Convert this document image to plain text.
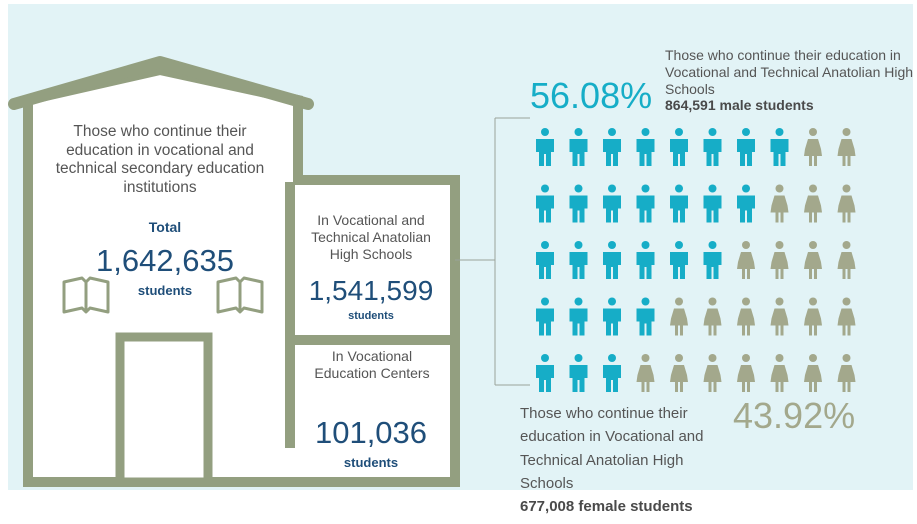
Those who continue their education in vocational and technical secondary education institutions
Total
1,642,635
students
In Vocational and Technical Anatolian High Schools
1,541,599
students
In Vocational Education Centers
101,036
students
56.08%
Those who continue their education in Vocational and Technical Anatolian High Schools
864,591 male students
43.92%
Those who continue their education in Vocational and Technical Anatolian High Schools
677,008 female students
